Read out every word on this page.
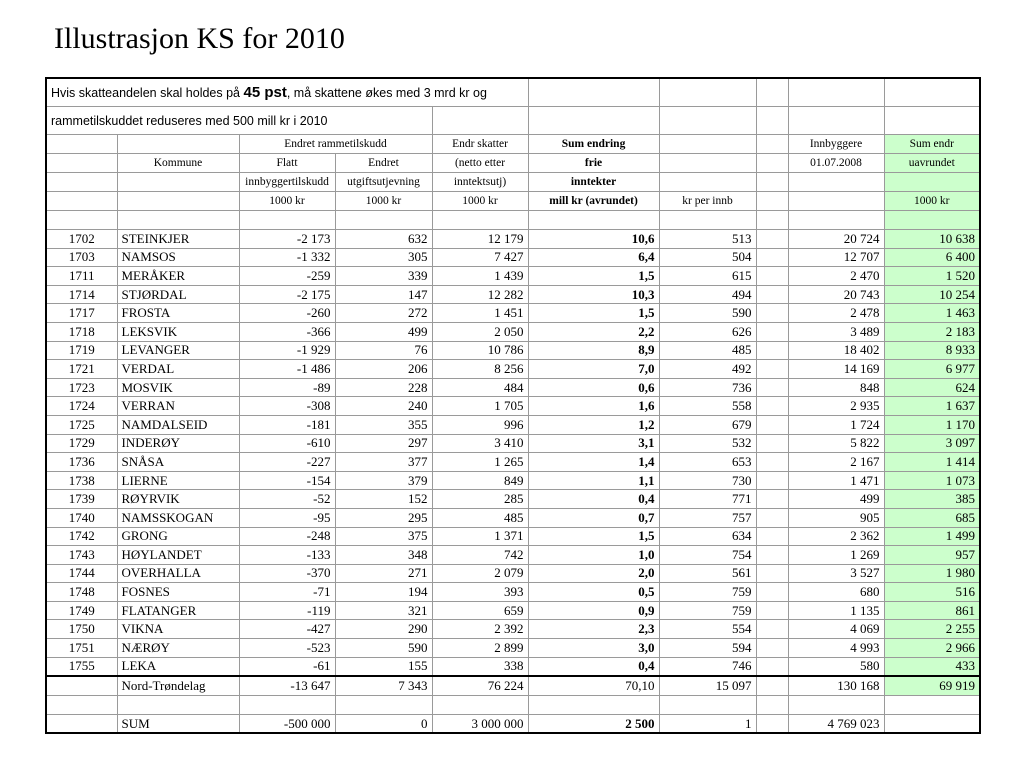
Illustrasjon KS for 2010
Hvis skatteandelen skal holdes på 45 pst, må skattene økes med 3 mrd kr og									
rammetilskuddet reduseres med 500 mill kr i 2010									
		Endret rammetilskudd		Endr skatter	Sum endring			Innbyggere	Sum endr
	Kommune	Flatt	Endret	(netto etter	frie			01.07.2008	uavrundet
		innbyggertilskudd	utgiftsutjevning	inntektsutj)	inntekter				
		1000 kr	1000 kr	1000 kr	mill kr (avrundet)	kr per innb			1000 kr

1702	STEINKJER	-2 173	632	12 179	10,6	513		20 724	10 638
1703	NAMSOS	-1 332	305	7 427	6,4	504		12 707	6 400
1711	MERÅKER	-259	339	1 439	1,5	615		2 470	1 520
1714	STJØRDAL	-2 175	147	12 282	10,3	494		20 743	10 254
1717	FROSTA	-260	272	1 451	1,5	590		2 478	1 463
1718	LEKSVIK	-366	499	2 050	2,2	626		3 489	2 183
1719	LEVANGER	-1 929	76	10 786	8,9	485		18 402	8 933
1721	VERDAL	-1 486	206	8 256	7,0	492		14 169	6 977
1723	MOSVIK	-89	228	484	0,6	736		848	624
1724	VERRAN	-308	240	1 705	1,6	558		2 935	1 637
1725	NAMDALSEID	-181	355	996	1,2	679		1 724	1 170
1729	INDERØY	-610	297	3 410	3,1	532		5 822	3 097
1736	SNÅSA	-227	377	1 265	1,4	653		2 167	1 414
1738	LIERNE	-154	379	849	1,1	730		1 471	1 073
1739	RØYRVIK	-52	152	285	0,4	771		499	385
1740	NAMSSKOGAN	-95	295	485	0,7	757		905	685
1742	GRONG	-248	375	1 371	1,5	634		2 362	1 499
1743	HØYLANDET	-133	348	742	1,0	754		1 269	957
1744	OVERHALLA	-370	271	2 079	2,0	561		3 527	1 980
1748	FOSNES	-71	194	393	0,5	759		680	516
1749	FLATANGER	-119	321	659	0,9	759		1 135	861
1750	VIKNA	-427	290	2 392	2,3	554		4 069	2 255
1751	NÆRØY	-523	590	2 899	3,0	594		4 993	2 966
1755	LEKA	-61	155	338	0,4	746		580	433
	Nord-Trøndelag	-13 647	7 343	76 224	70,10	15 097		130 168	69 919

	SUM	-500 000	0	3 000 000	2 500	1		4 769 023	
